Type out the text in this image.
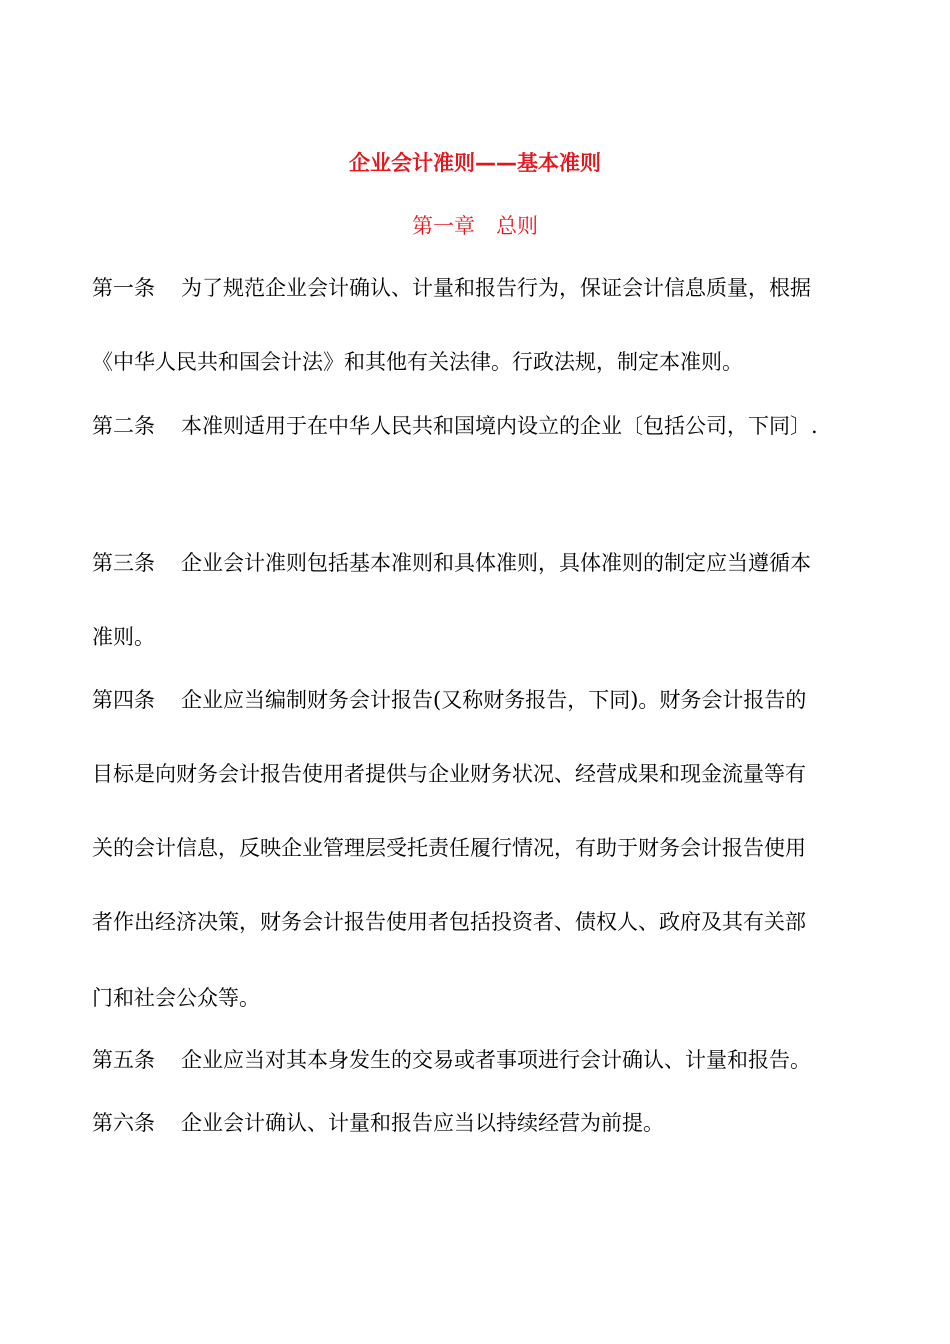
企业会计准则——基本准则
第一章　总则
第一条 为了规范企业会计确认、计量和报告行为，保证会计信息质量，根据
《中华人民共和国会计法》和其他有关法律。行政法规，制定本准则。
第二条 本准则适用于在中华人民共和国境内设立的企业〔包括公司，下同〕.
第三条 企业会计准则包括基本准则和具体准则，具体准则的制定应当遵循本
准则。
第四条 企业应当编制财务会计报告(又称财务报告，下同)。财务会计报告的
目标是向财务会计报告使用者提供与企业财务状况、经营成果和现金流量等有
关的会计信息，反映企业管理层受托责任履行情况，有助于财务会计报告使用
者作出经济决策，财务会计报告使用者包括投资者、债权人、政府及其有关部
门和社会公众等。
第五条 企业应当对其本身发生的交易或者事项进行会计确认、计量和报告。
第六条 企业会计确认、计量和报告应当以持续经营为前提。
